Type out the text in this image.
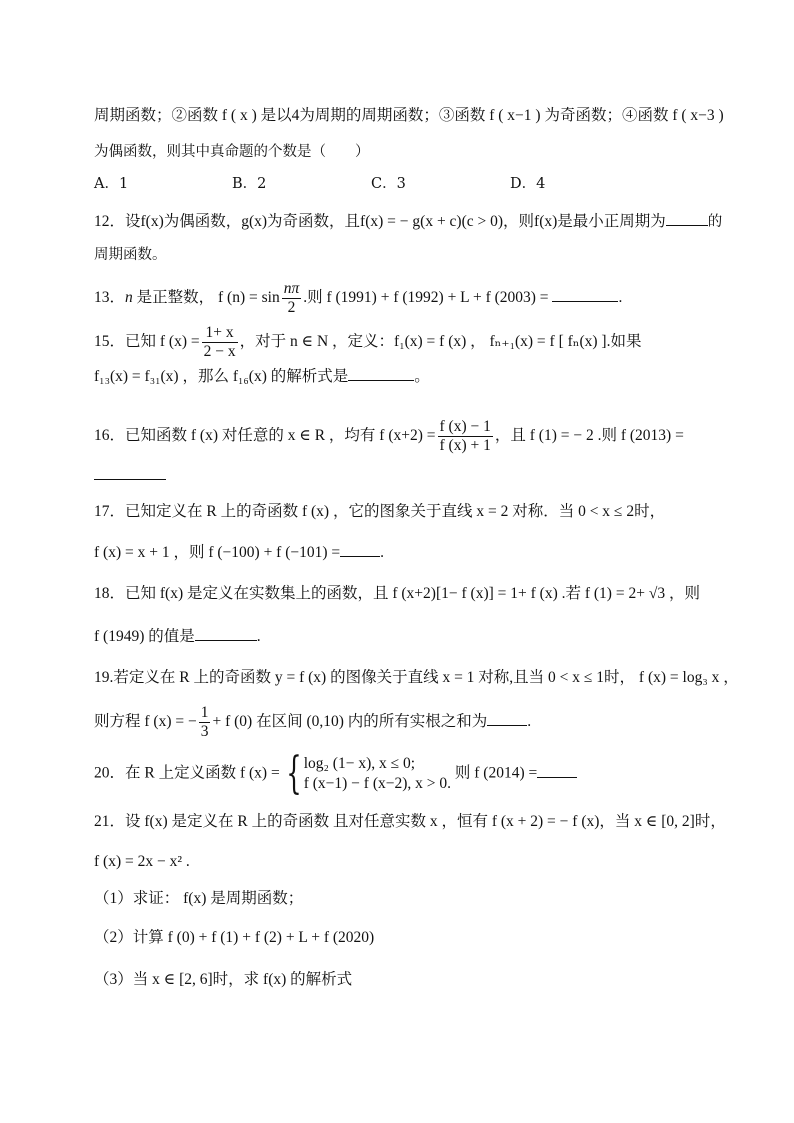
周期函数；②函数 f ( x ) 是以4为周期的周期函数；③函数 f ( x−1 ) 为奇函数；④函数 f ( x−3 )
为偶函数，则其中真命题的个数是（　　）
A．1	B．2	C．3	D．4
12．设f(x)为偶函数，g(x)为奇函数，且f(x) = − g(x + c)(c > 0)，则f(x)是最小正周期为	的
周期函数。
13．n 是正整数， f $(n) = \sin \frac{n\pi}{2}$ .则 f (1991) + f (1992) + L + f (2003) =	.
15．已知 f $(x) = \frac{1+ x}{2 - x}$ ，对于 n ∈ N ，定义：f₁(x) = f (x) ， fₙ₊₁(x) = f [ fₙ(x) ].如果
f₁₃(x) = f₃₁(x) ，那么 f₁₆(x) 的解析式是	。
16．已知函数 f (x) 对任意的 x ∈ R ，均有 f $(x+2) = \frac{f (x) - 1}{f (x) + 1}$ ，且 f (1) = − 2 .则 f (2013) =
17．已知定义在 R 上的奇函数 f (x) ，它的图象关于直线 x = 2 对称．当 0 < x ≤ 2时，
f (x) = x + 1 ，则 f (−100) + f (−101) =	.
18．已知 f(x) 是定义在实数集上的函数，且 f (x+2)[1− f (x)] = 1+ f (x) .若 f (1) = 2+ √3 ，则
f (1949) 的值是	.
19.若定义在 R 上的奇函数 y = f (x) 的图像关于直线 x = 1 对称,且当 0 < x ≤ 1时， f (x) = log₃ x ，
则方程 f (x) = − $\frac{1}{3} + f$ (0) 在区间 (0,10) 内的所有实根之和为	.
20．在 R 上定义函数 f (x) = { log₂ (1− x), x ≤ 0;
f (x−1) − f (x−2), x > 0.
则 f (2014) =
21．设 f(x) 是定义在 R 上的奇函数 且对任意实数 x ，恒有 f (x + 2) = − f (x)，当 x ∈ [0, 2]时，
f (x) = 2x − x² .
（1）求证： f(x) 是周期函数；
（2）计算 f (0) + f (1) + f (2) + L + f (2020)
（3）当 x ∈ [2, 6]时，求 f(x) 的解析式
